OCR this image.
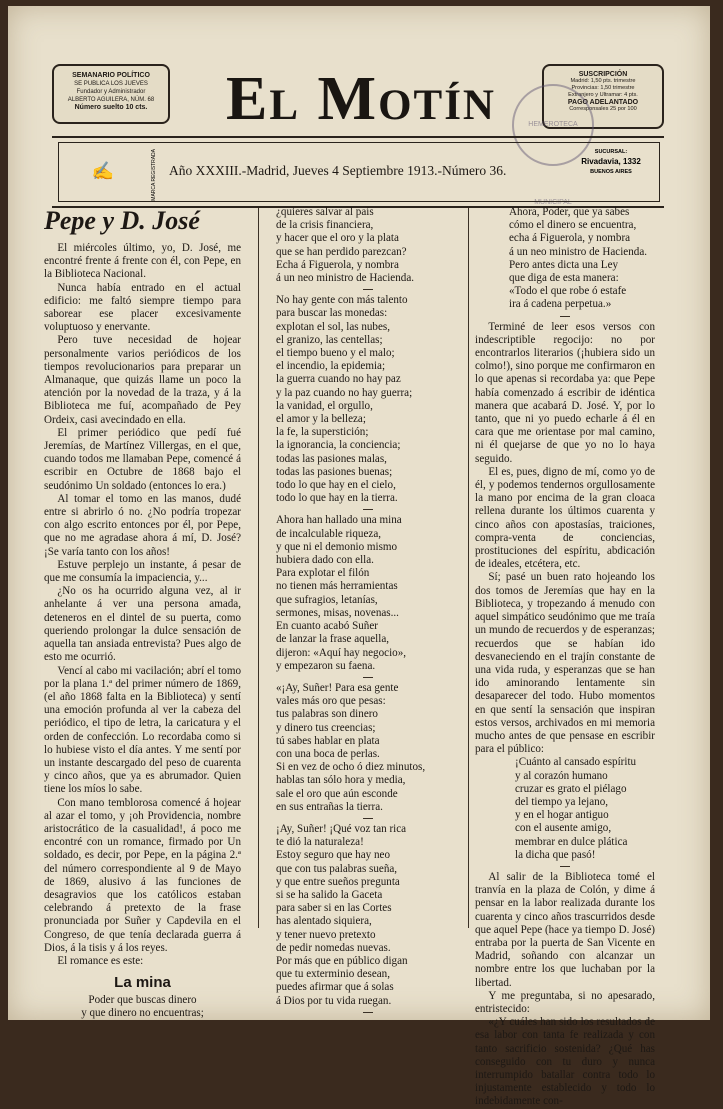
SEMANARIO POLÍTICO
SE PUBLICA LOS JUEVES
Fundador y Administrador
ALBERTO AGUILERA, NÚM. 68

Número suelto 10 cts.	El Motín	SUSCRIPCIÓN
Madrid: 1,50 pts. trimestre
Provincias: 1,50 trimestre
Extranjero y Ultramar: 4 pts.

PAGO ADELANTADO
Corresponsales 25 por 100
HEMEROTECA MUNICIPAL
✍	MARCA REGISTRADA Año XXXIII.-Madrid, Jueves 4 Septiembre 1913.-Número 36.
SUCURSAL:
Rivadavia, 1332
BUENOS AIRES
Pepe y D. José

El miércoles último, yo, D. José, me encontré frente á frente con él, con Pepe, en la Biblioteca Nacional.

Nunca había entrado en el actual edificio: me faltó siempre tiempo para saborear ese placer excesivamente voluptuoso y enervante.

Pero tuve necesidad de hojear personalmente varios periódicos de los tiempos revolucionarios para preparar un Almanaque, que quizás llame un poco la atención por la novedad de la traza, y á la Biblioteca me fuí, acompañado de Pey Ordeix, casi avecindado en ella.

El primer periódico que pedí fué Jeremías, de Martínez Villergas, en el que, cuando todos me llamaban Pepe, comencé á escribir en Octubre de 1868 bajo el seudónimo Un soldado (entonces lo era.)

Al tomar el tomo en las manos, dudé entre si abrirlo ó no. ¿No podría tropezar con algo escrito entonces por él, por Pepe, que no me agradase ahora á mí, D. José? ¡Se varía tanto con los años!

Estuve perplejo un instante, á pesar de que me consumía la impaciencia, y...

¿No os ha ocurrido alguna vez, al ir anhelante á ver una persona amada, deteneros en el dintel de su puerta, como queriendo prolongar la dulce sensación de aquella tan ansiada entrevista? Pues algo de esto me ocurrió.

Vencí al cabo mi vacilación; abrí el tomo por la plana 1.ª del primer número de 1869, (el año 1868 falta en la Biblioteca) y sentí una emoción profunda al ver la cabeza del periódico, el tipo de letra, la caricatura y el orden de confección. Lo recordaba como si lo hubiese visto el día antes. Y me sentí por un instante descargado del peso de cuarenta y cinco años, que ya es abrumador. Quien tiene los míos lo sabe.

Con mano temblorosa comencé á hojear al azar el tomo, y ¡oh Providencia, nombre aristocrático de la casualidad!, á poco me encontré con un romance, firmado por Un soldado, es decir, por Pepe, en la página 2.ª del número correspondiente al 9 de Mayo de 1869, alusivo á las funciones de desagravios que los católicos estaban celebrando á pretexto de la frase pronunciada por Suñer y Capdevila en el Congreso, de que tenía declarada guerra á Dios, á la tisis y á los reyes.

El romance es este:

La mina
Poder que buscas dinero
y que dinero no encuentras;
¿quieres salvar al país
de la crisis financiera,
y hacer que el oro y la plata
que se han perdido parezcan?
Echa á Figuerola, y nombra
á un neo ministro de Hacienda.
No hay gente con más talento
para buscar las monedas:
explotan el sol, las nubes,
el granizo, las centellas;
el tiempo bueno y el malo;
el incendio, la epidemia;
la guerra cuando no hay paz
y la paz cuando no hay guerra;
la vanidad, el orgullo,
el amor y la belleza;
la fe, la superstición;
la ignorancia, la conciencia;
todas las pasiones malas,
todas las pasiones buenas;
todo lo que hay en el cielo,
todo lo que hay en la tierra.
Ahora han hallado una mina
de incalculable riqueza,
y que ni el demonio mismo
hubiera dado con ella.
Para explotar el filón
no tienen más herramientas
que sufragios, letanías,
sermones, misas, novenas...
En cuanto acabó Suñer
de lanzar la frase aquella,
dijeron: «Aquí hay negocio»,
y empezaron su faena.
«¡Ay, Suñer! Para esa gente
vales más oro que pesas:
tus palabras son dinero
y dinero tus creencias;
tú sabes hablar en plata
con una boca de perlas.
Si en vez de ocho ó diez minutos,
hablas tan sólo hora y media,
sale el oro que aún esconde
en sus entrañas la tierra.
¡Ay, Suñer! ¡Qué voz tan rica
te dió la naturaleza!
Estoy seguro que hay neo
que con tus palabras sueña,
y que entre sueños pregunta
si se ha salido la Gaceta
para saber si en las Cortes
has alentado siquiera,
y tener nuevo pretexto
de pedir nomedas nuevas.
Por más que en público digan
que tu exterminio desean,
puedes afirmar que á solas
á Dios por tu vida ruegan.
Ahora, Poder, que ya sabes
cómo el dinero se encuentra,
echa á Figuerola, y nombra
á un neo ministro de Hacienda.
Pero antes dicta una Ley
que diga de esta manera:
«Todo el que robe ó estafe
ira á cadena perpetua.»

Terminé de leer esos versos con indescriptible regocijo: no por encontrarlos literarios (¡hubiera sido un colmo!), sino porque me confirmaron en lo que apenas si recordaba ya: que Pepe había comenzado á escribir de idéntica manera que acabará D. José. Y, por lo tanto, que ni yo puedo echarle á él en cara que me orientase por mal camino, ni él quejarse de que yo no lo haya seguido.

El es, pues, digno de mí, como yo de él, y podemos tendernos orgullosamente la mano por encima de la gran cloaca rellena durante los últimos cuarenta y cinco años con apostasías, traiciones, compra-venta de conciencias, prostituciones del espíritu, abdicación de ideales, etcétera, etc.

Sí; pasé un buen rato hojeando los dos tomos de Jeremías que hay en la Biblioteca, y tropezando á menudo con aquel simpático seudónimo que me traía un mundo de recuerdos y de esperanzas; recuerdos que se habían ido desvaneciendo en el trajín constante de una vida ruda, y esperanzas que se han ido aminorando lentamente sin desaparecer del todo. Hubo momentos en que sentí la sensación que inspiran estos versos, archivados en mi memoria mucho antes de que pensase en escribir para el público:

¡Cuánto al cansado espíritu
y al corazón humano
cruzar es grato el piélago
del tiempo ya lejano,
y en el hogar antiguo
con el ausente amigo,
membrar en dulce plática
la dicha que pasó!

Al salir de la Biblioteca tomé el tranvía en la plaza de Colón, y dime á pensar en la labor realizada durante los cuarenta y cinco años trascurridos desde que aquel Pepe (hace ya tiempo D. José) entraba por la puerta de San Vicente en Madrid, soñando con alcanzar un nombre entre los que luchaban por la libertad.

Y me preguntaba, si no apesarado, entristecido:

«¿Y cuáles han sido los resultados de esa labor con tanta fe realizada y con tanto sacrificio sostenida? ¿Qué has conseguido con tu duro y nunca interrumpido batallar contra todo lo injustamente establecido y todo lo indebidamente con-
